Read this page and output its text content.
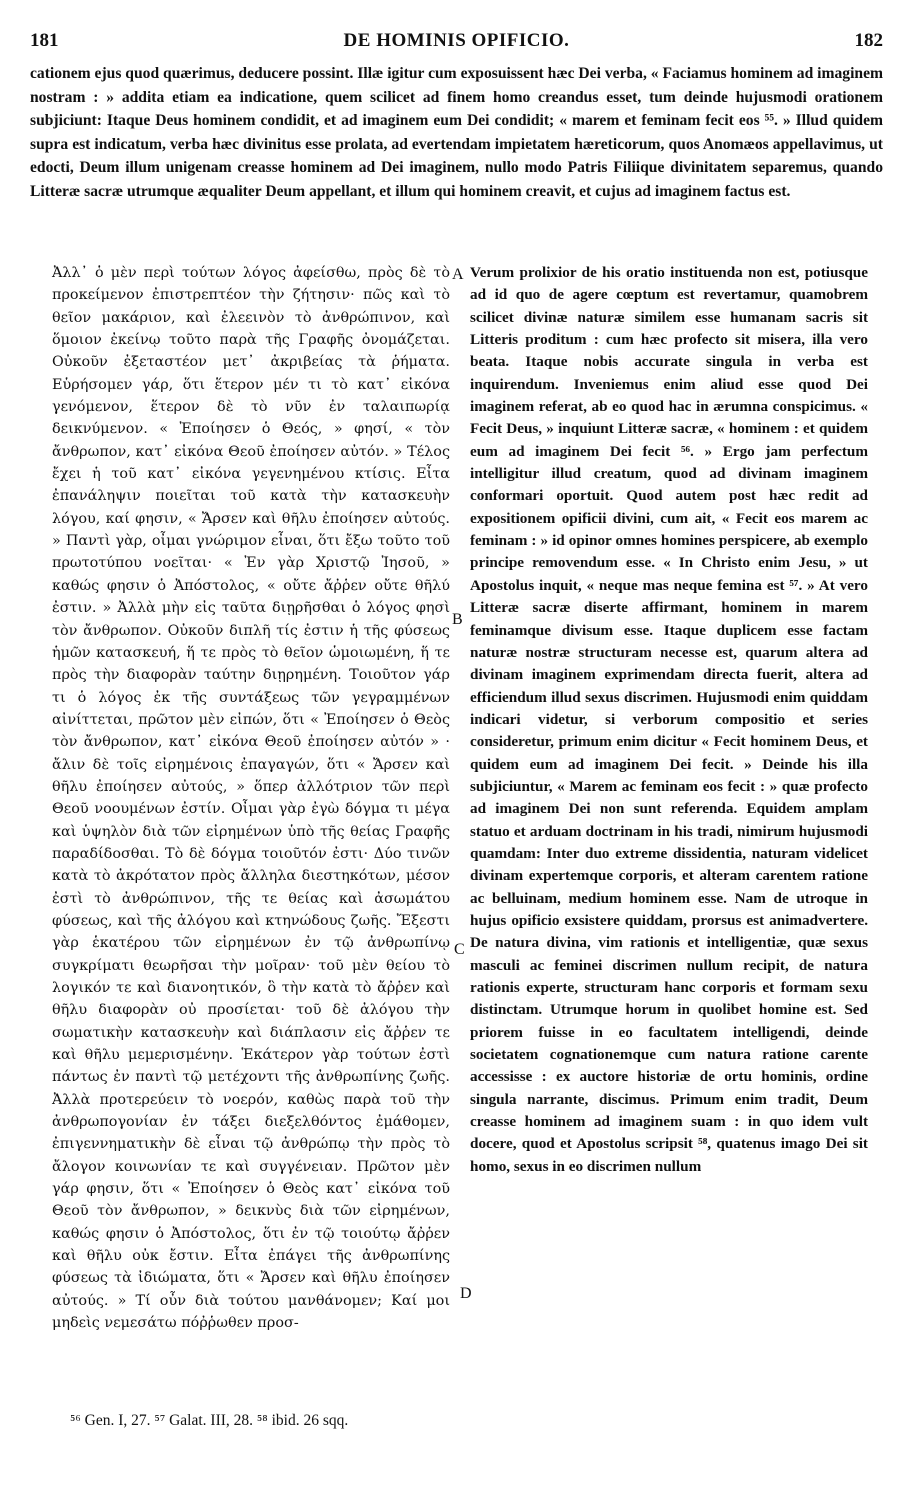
181	DE HOMINIS OPIFICIO.	182

cationem ejus quod quærimus, deducere possint. Illæ igitur cum exposuissent hæc Dei verba, « Faciamus hominem ad imaginem nostram : » addita etiam ea indicatione, quem scilicet ad finem homo creandus esset, tum deinde hujusmodi orationem subjiciunt: Itaque Deus hominem condidit, et ad imaginem eum Dei condidit; « marem et feminam fecit eos ⁵⁵. » Illud quidem supra est indicatum, verba hæc divinitus esse prolata, ad evertendam impietatem hæreticorum, quos Anomæos appellavimus, ut edocti, Deum illum unigenam creasse hominem ad Dei imaginem, nullo modo Patris Filiique divinitatem separemus, quando Litteræ sacræ utrumque æqualiter Deum appellant, et illum qui hominem creavit, et cujus ad imaginem factus est.

Ἀλλ᾽ ὁ μὲν περὶ τούτων λόγος ἀφείσθω, πρὸς δὲ τὸ προκείμενον ἐπιστρεπτέον τὴν ζήτησιν· πῶς καὶ τὸ θεῖον μακάριον, καὶ ἐλεεινὸν τὸ ἀνθρώπινον, καὶ ὅμοιον ἐκείνῳ τοῦτο παρὰ τῆς Γραφῆς ὀνομάζεται. Οὐκοῦν ἐξεταστέον μετ᾽ ἀκριβείας τὰ ῥήματα. Εὑρήσομεν γάρ, ὅτι ἕτερον μέν τι τὸ κατ᾽ εἰκόνα γενόμενον, ἕτερον δὲ τὸ νῦν ἐν ταλαιπωρίᾳ δεικνύμενον. « Ἐποίησεν ὁ Θεός, » φησί, « τὸν ἄνθρωπον, κατ᾽ εἰκόνα Θεοῦ ἐποίησεν αὐτόν. » Τέλος ἔχει ἡ τοῦ κατ᾽ εἰκόνα γεγενημένου κτίσις. Εἶτα ἐπανάληψιν ποιεῖται τοῦ κατὰ τὴν κατασκευὴν λόγου, καί φησιν, « Ἄρσεν καὶ θῆλυ ἐποίησεν αὐτούς. » Παντὶ γὰρ, οἶμαι γνώριμον εἶναι, ὅτι ἔξω τοῦτο τοῦ πρωτοτύπου νοεῖται· « Ἐν γὰρ Χριστῷ Ἰησοῦ, » καθώς φησιν ὁ Ἀπόστολος, « οὔτε ἄῤῥεν οὔτε θῆλύ ἐστιν. » Ἀλλὰ μὴν εἰς ταῦτα διῃρῆσθαι ὁ λόγος φησὶ τὸν ἄνθρωπον. Οὐκοῦν διπλῆ τίς ἐστιν ἡ τῆς φύσεως ἡμῶν κατασκευή, ἥ τε πρὸς τὸ θεῖον ὡμοιωμένη, ἥ τε πρὸς τὴν διαφορὰν ταύτην διῃρημένη. Τοιοῦτον γάρ τι ὁ λόγος ἐκ τῆς συντάξεως τῶν γεγραμμένων αἰνίττεται, πρῶτον μὲν εἰπών, ὅτι « Ἐποίησεν ὁ Θεὸς τὸν ἄνθρωπον, κατ᾽ εἰκόνα Θεοῦ ἐποίησεν αὐτόν » · ἄλιν δὲ τοῖς εἰρημένοις ἐπαγαγών, ὅτι « Ἄρσεν καὶ θῆλυ ἐποίησεν αὐτούς, » ὅπερ ἀλλότριον τῶν περὶ Θεοῦ νοουμένων ἐστίν. Οἶμαι γὰρ ἐγὼ δόγμα τι μέγα καὶ ὑψηλὸν διὰ τῶν εἰρημένων ὑπὸ τῆς θείας Γραφῆς παραδίδοσθαι. Τὸ δὲ δόγμα τοιοῦτόν ἐστι· Δύο τινῶν κατὰ τὸ ἀκρότατον πρὸς ἄλληλα διεστηκότων, μέσον ἐστὶ τὸ ἀνθρώπινον, τῆς τε θείας καὶ ἀσωμάτου φύσεως, καὶ τῆς ἀλόγου καὶ κτηνώδους ζωῆς. Ἔξεστι γὰρ ἑκατέρου τῶν εἰρημένων ἐν τῷ ἀνθρωπίνῳ συγκρίματι θεωρῆσαι τὴν μοῖραν· τοῦ μὲν θείου τὸ λογικόν τε καὶ διανοητικόν, ὃ τὴν κατὰ τὸ ἄῤῥεν καὶ θῆλυ διαφορὰν οὐ προσίεται· τοῦ δὲ ἀλόγου τὴν σωματικὴν κατασκευὴν καὶ διάπλασιν εἰς ἄῤῥεν τε καὶ θῆλυ μεμερισμένην. Ἑκάτερον γὰρ τούτων ἐστὶ πάντως ἐν παντὶ τῷ μετέχοντι τῆς ἀνθρωπίνης ζωῆς. Ἀλλὰ προτερεύειν τὸ νοερόν, καθὼς παρὰ τοῦ τὴν ἀνθρωπογονίαν ἐν τάξει διεξελθόντος ἐμάθομεν, ἐπιγεννηματικὴν δὲ εἶναι τῷ ἀνθρώπῳ τὴν πρὸς τὸ ἄλογον κοινωνίαν τε καὶ συγγένειαν. Πρῶτον μὲν γάρ φησιν, ὅτι « Ἐποίησεν ὁ Θεὸς κατ᾽ εἰκόνα τοῦ Θεοῦ τὸν ἄνθρωπον, » δεικνὺς διὰ τῶν εἰρημένων, καθώς φησιν ὁ Ἀπόστολος, ὅτι ἐν τῷ τοιούτῳ ἄῤῥεν καὶ θῆλυ οὐκ ἔστιν. Εἶτα ἐπάγει τῆς ἀνθρωπίνης φύσεως τὰ ἰδιώματα, ὅτι « Ἄρσεν καὶ θῆλυ ἐποίησεν αὐτούς. » Τί οὖν διὰ τούτου μανθάνομεν; Καί μοι μηδεὶς νεμεσάτω πόῤῥωθεν προσ-

A
B
C
D

Verum prolixior de his oratio instituenda non est, potiusque ad id quo de agere cœptum est revertamur, quamobrem scilicet divinæ naturæ similem esse humanam sacris sit Litteris proditum : cum hæc profecto sit misera, illa vero beata. Itaque nobis accurate singula in verba est inquirendum. Inveniemus enim aliud esse quod Dei imaginem referat, ab eo quod hac in ærumna conspicimus. « Fecit Deus, » inquiunt Litteræ sacræ, « hominem : et quidem eum ad imaginem Dei fecit ⁵⁶. » Ergo jam perfectum intelligitur illud creatum, quod ad divinam imaginem conformari oportuit. Quod autem post hæc redit ad expositionem opificii divini, cum ait, « Fecit eos marem ac feminam : » id opinor omnes homines perspicere, ab exemplo principe removendum esse. « In Christo enim Jesu, » ut Apostolus inquit, « neque mas neque femina est ⁵⁷. » At vero Litteræ sacræ diserte affirmant, hominem in marem feminamque divisum esse. Itaque duplicem esse factam naturæ nostræ structuram necesse est, quarum altera ad divinam imaginem exprimendam directa fuerit, altera ad efficiendum illud sexus discrimen. Hujusmodi enim quiddam indicari videtur, si verborum compositio et series consideretur, primum enim dicitur « Fecit hominem Deus, et quidem eum ad imaginem Dei fecit. » Deinde his illa subjiciuntur, « Marem ac feminam eos fecit : » quæ profecto ad imaginem Dei non sunt referenda. Equidem amplam statuo et arduam doctrinam in his tradi, nimirum hujusmodi quamdam: Inter duo extreme dissidentia, naturam videlicet divinam expertemque corporis, et alteram carentem ratione ac belluinam, medium hominem esse. Nam de utroque in hujus opificio exsistere quiddam, prorsus est animadvertere. De natura divina, vim rationis et intelligentiæ, quæ sexus masculi ac feminei discrimen nullum recipit, de natura rationis experte, structuram hanc corporis et formam sexu distinctam. Utrumque horum in quolibet homine est. Sed priorem fuisse in eo facultatem intelligendi, deinde societatem cognationemque cum natura ratione carente accessisse : ex auctore historiæ de ortu hominis, ordine singula narrante, discimus. Primum enim tradit, Deum creasse hominem ad imaginem suam : in quo idem vult docere, quod et Apostolus scripsit ⁵⁸, quatenus imago Dei sit homo, sexus in eo discrimen nullum

⁵⁶ Gen. I, 27. ⁵⁷ Galat. III, 28. ⁵⁸ ibid. 26 sqq.
